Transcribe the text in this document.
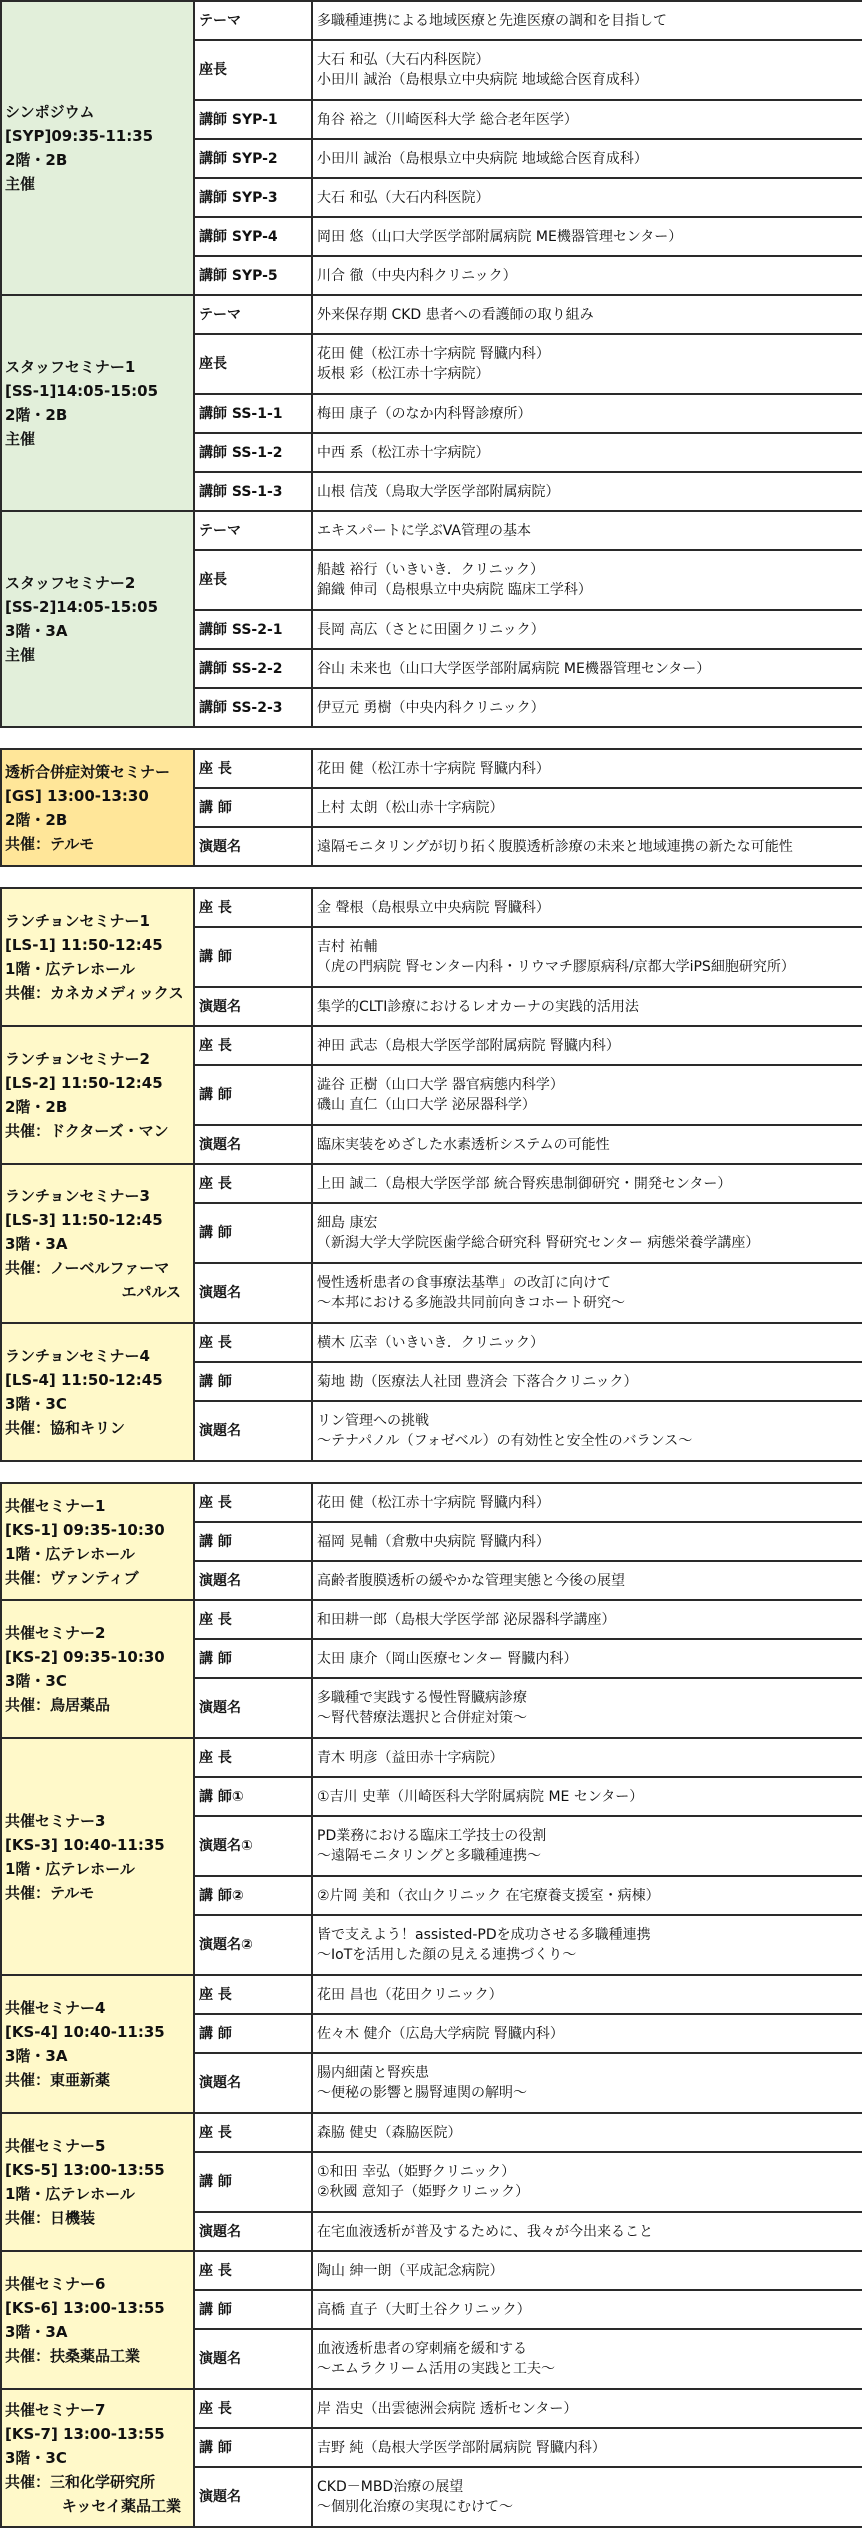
シンポジウム
[SYP]09:35-11:35
2階・2B
主催	テーマ	多職種連携による地域医療と先進医療の調和を目指して

	座長	大石 和弘（大石内科医院）
小田川 誠治（島根県立中央病院 地域総合医育成科）

	講師 SYP-1	角谷 裕之（川崎医科大学 総合老年医学）

	講師 SYP-2	小田川 誠治（島根県立中央病院 地域総合医育成科）

	講師 SYP-3	大石 和弘（大石内科医院）

	講師 SYP-4	岡田 悠（山口大学医学部附属病院 ME機器管理センター）

	講師 SYP-5	川合 徹（中央内科クリニック）

スタッフセミナー1
[SS-1]14:05-15:05
2階・2B
主催	テーマ	外来保存期 CKD 患者への看護師の取り組み

	座長	花田 健（松江赤十字病院 腎臓内科）
坂根 彩（松江赤十字病院）

	講師 SS-1-1	梅田 康子（のなか内科腎診療所）

	講師 SS-1-2	中西 系（松江赤十字病院）

	講師 SS-1-3	山根 信茂（鳥取大学医学部附属病院）

スタッフセミナー2
[SS-2]14:05-15:05
3階・3A
主催	テーマ	エキスパートに学ぶVA管理の基本

	座長	船越 裕行（いきいき．クリニック）
錦織 伸司（島根県立中央病院 臨床工学科）

	講師 SS-2-1	長岡 高広（さとに田園クリニック）

	講師 SS-2-2	谷山 未来也（山口大学医学部附属病院 ME機器管理センター）

	講師 SS-2-3	伊豆元 勇樹（中央内科クリニック）
透析合併症対策セミナー
[GS] 13:00-13:30
2階・2B
共催：テルモ	座 長	花田 健（松江赤十字病院 腎臓内科）

	講 師	上村 太朗（松山赤十字病院）

	演題名	遠隔モニタリングが切り拓く腹膜透析診療の未来と地域連携の新たな可能性
ランチョンセミナー1
[LS-1] 11:50-12:45
1階・広テレホール
共催：カネカメディックス	座 長	金 聲根（島根県立中央病院 腎臓科）

	講 師	吉村 祐輔
（虎の門病院 腎センター内科・リウマチ膠原病科/京都大学iPS細胞研究所）

	演題名	集学的CLTI診療におけるレオカーナの実践的活用法

ランチョンセミナー2
[LS-2] 11:50-12:45
2階・2B
共催：ドクターズ・マン	座 長	神田 武志（島根大学医学部附属病院 腎臓内科）

	講 師	澁谷 正樹（山口大学 器官病態内科学）
磯山 直仁（山口大学 泌尿器科学）

	演題名	臨床実装をめざした水素透析システムの可能性

ランチョンセミナー3
[LS-3] 11:50-12:45
3階・3A
共催：ノーベルファーマ
エパルス	座 長	上田 誠二（島根大学医学部 統合腎疾患制御研究・開発センター）

	講 師	細島 康宏
（新潟大学大学院医歯学総合研究科 腎研究センター 病態栄養学講座）

	演題名	慢性透析患者の食事療法基準」の改訂に向けて
～本邦における多施設共同前向きコホート研究～

ランチョンセミナー4
[LS-4] 11:50-12:45
3階・3C
共催：協和キリン	座 長	横木 広幸（いきいき．クリニック）

	講 師	菊地 勘（医療法人社団 豊済会 下落合クリニック）

	演題名	リン管理への挑戦
～テナパノル（フォゼベル）の有効性と安全性のバランス～
共催セミナー1
[KS-1] 09:35-10:30
1階・広テレホール
共催：ヴァンティブ	座 長	花田 健（松江赤十字病院 腎臓内科）

	講 師	福岡 晃輔（倉敷中央病院 腎臓内科）

	演題名	高齢者腹膜透析の緩やかな管理実態と今後の展望

共催セミナー2
[KS-2] 09:35-10:30
3階・3C
共催：鳥居薬品	座 長	和田耕一郎（島根大学医学部 泌尿器科学講座）

	講 師	太田 康介（岡山医療センター 腎臓内科）

	演題名	多職種で実践する慢性腎臓病診療
～腎代替療法選択と合併症対策～

共催セミナー3
[KS-3] 10:40-11:35
1階・広テレホール
共催：テルモ	座 長	青木 明彦（益田赤十字病院）

	講 師①	①吉川 史華（川崎医科大学附属病院 ME センター）

	演題名①	PD業務における臨床工学技士の役割
～遠隔モニタリングと多職種連携～

	講 師②	②片岡 美和（衣山クリニック 在宅療養支援室・病棟）

	演題名②	皆で支えよう！assisted-PDを成功させる多職種連携
～IoTを活用した顔の見える連携づくり～

共催セミナー4
[KS-4] 10:40-11:35
3階・3A
共催：東亜新薬	座 長	花田 昌也（花田クリニック）

	講 師	佐々木 健介（広島大学病院 腎臓内科）

	演題名	腸内細菌と腎疾患
～便秘の影響と腸腎連関の解明～

共催セミナー5
[KS-5] 13:00-13:55
1階・広テレホール
共催：日機装	座 長	森脇 健史（森脇医院）

	講 師	①和田 幸弘（姫野クリニック）
②秋國 意知子（姫野クリニック）

	演題名	在宅血液透析が普及するために、我々が今出来ること

共催セミナー6
[KS-6] 13:00-13:55
3階・3A
共催：扶桑薬品工業	座 長	陶山 紳一朗（平成記念病院）

	講 師	高橋 直子（大町土谷クリニック）

	演題名	血液透析患者の穿刺痛を緩和する
～エムラクリーム活用の実践と工夫～

共催セミナー7
[KS-7] 13:00-13:55
3階・3C
共催：三和化学研究所
キッセイ薬品工業	座 長	岸 浩史（出雲徳洲会病院 透析センター）

	講 師	吉野 純（島根大学医学部附属病院 腎臓内科）

	演題名	CKD－MBD治療の展望
～個別化治療の実現にむけて～
